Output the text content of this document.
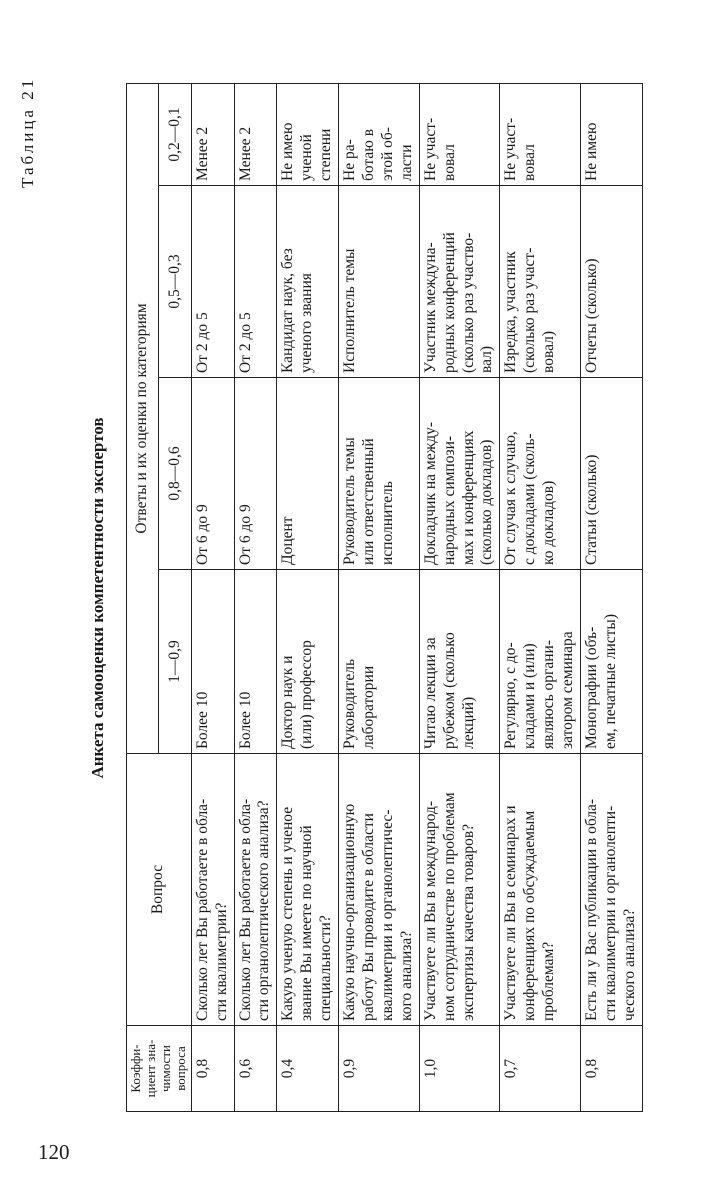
120
Таблица 21
Анкета самооценки компетентности экспертов
Коэффи-
циент зна-
чимости
вопроса	Вопрос	Ответы и их оценки по категориям			
		1—0,9	0,8—0,6	0,5—0,3	0,2—0,1
0,8	Сколько лет Вы работаете в обла-
сти квалиметрии?	Более 10	От 6 до 9	От 2 до 5	Менее 2
0,6	Сколько лет Вы работаете в обла-
сти органолептического анализа?	Более 10	От 6 до 9	От 2 до 5	Менее 2
0,4	Какую ученую степень и ученое
звание Вы имеете по научной
специальности?	Доктор наук и
(или) профессор	Доцент	Кандидат наук, без
ученого звания	Не имею
ученой
степени
0,9	Какую научно-организационную
работу Вы проводите в области
квалиметрии и органолептичес-
кого анализа?	Руководитель
лаборатории	Руководитель темы
или ответственный
исполнитель	Исполнитель темы	Не ра-
ботаю в
этой об-
ласти
1,0	Участвуете ли Вы в международ-
ном сотрудничестве по проблемам
экспертизы качества товаров?	Читаю лекции за
рубежом (сколько
лекций)	Докладчик на между-
народных симпози-
мах и конференциях
(сколько докладов)	Участник междуна-
родных конференций
(сколько раз участво-
вал)	Не участ-
вовал
0,7	Участвуете ли Вы в семинарах и
конференциях по обсуждаемым
проблемам?	Регулярно, с до-
кладами и (или)
являюсь органи-
затором семинара	От случая к случаю,
с докладами (сколь-
ко докладов)	Изредка, участник
(сколько раз участ-
вовал)	Не участ-
вовал
0,8	Есть ли у Вас публикации в обла-
сти квалиметрии и органолепти-
ческого анализа?	Монографии (объ-
ем, печатные листы)	Статьи (сколько)	Отчеты (сколько)	Не имею
